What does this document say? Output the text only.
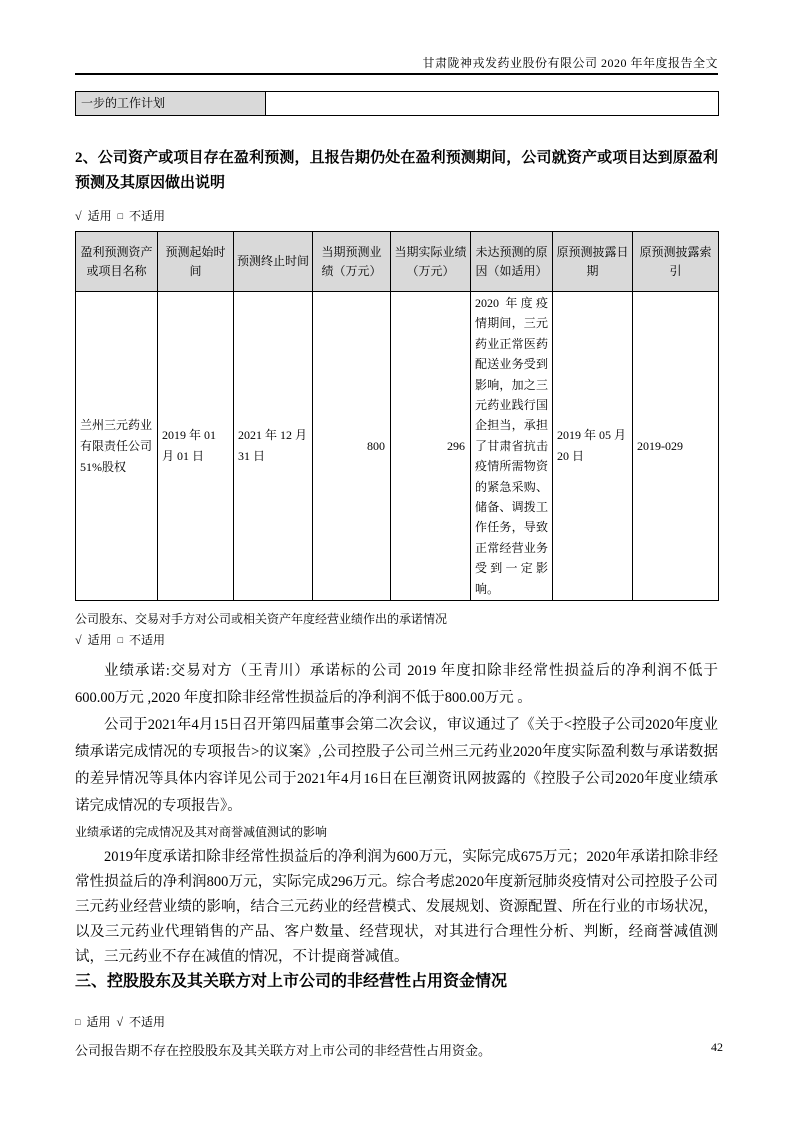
甘肃陇神戎发药业股份有限公司 2020 年年度报告全文
一步的工作计划	
2、公司资产或项目存在盈利预测，且报告期仍处在盈利预测期间，公司就资产或项目达到原盈利预测及其原因做出说明
√ 适用 □ 不适用
盈利预测资产或项目名称	预测起始时间	预测终止时间	当期预测业绩（万元）	当期实际业绩（万元）	未达预测的原因（如适用）	原预测披露日期	原预测披露索引
兰州三元药业有限责任公司51%股权	2019 年 01 月 01 日	2021 年 12 月 31 日	800	296	2020 年度疫情期间，三元药业正常医药配送业务受到影响，加之三元药业践行国企担当，承担了甘肃省抗击疫情所需物资的紧急采购、储备、调拨工作任务，导致正常经营业务受到一定影响。	2019 年 05 月 20 日	2019-029
公司股东、交易对手方对公司或相关资产年度经营业绩作出的承诺情况
√ 适用 □ 不适用

业绩承诺:交易对方（王青川）承诺标的公司 2019 年度扣除非经常性损益后的净利润不低于600.00万元 ,2020 年度扣除非经常性损益后的净利润不低于800.00万元 。

公司于2021年4月15日召开第四届董事会第二次会议，审议通过了《关于<控股子公司2020年度业绩承诺完成情况的专项报告>的议案》,公司控股子公司兰州三元药业2020年度实际盈利数与承诺数据的差异情况等具体内容详见公司于2021年4月16日在巨潮资讯网披露的《控股子公司2020年度业绩承诺完成情况的专项报告》。

业绩承诺的完成情况及其对商誉减值测试的影响

2019年度承诺扣除非经常性损益后的净利润为600万元，实际完成675万元；2020年承诺扣除非经常性损益后的净利润800万元，实际完成296万元。综合考虑2020年度新冠肺炎疫情对公司控股子公司三元药业经营业绩的影响，结合三元药业的经营模式、发展规划、资源配置、所在行业的市场状况，以及三元药业代理销售的产品、客户数量、经营现状，对其进行合理性分析、判断，经商誉减值测试，三元药业不存在减值的情况，不计提商誉减值。

三、控股股东及其关联方对上市公司的非经营性占用资金情况
□ 适用 √ 不适用
公司报告期不存在控股股东及其关联方对上市公司的非经营性占用资金。	42
